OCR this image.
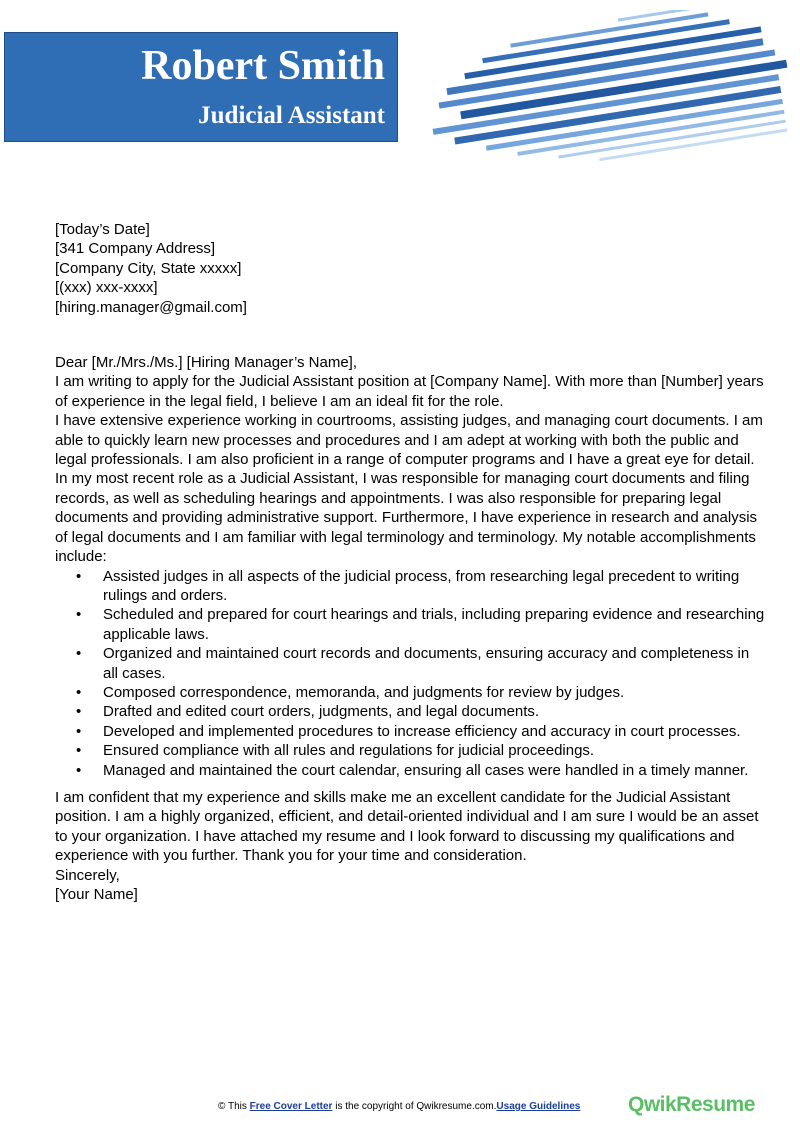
Robert Smith
Judicial Assistant

[Today’s Date]

[341 Company Address]

[Company City, State xxxxx]

[(xxx) xxx-xxxx]

[hiring.manager@gmail.com]

Dear [Mr./Mrs./Ms.] [Hiring Manager’s Name],

I am writing to apply for the Judicial Assistant position at [Company Name]. With more than [Number] years of experience in the legal field, I believe I am an ideal fit for the role.

I have extensive experience working in courtrooms, assisting judges, and managing court documents. I am able to quickly learn new processes and procedures and I am adept at working with both the public and legal professionals. I am also proficient in a range of computer programs and I have a great eye for detail.

In my most recent role as a Judicial Assistant, I was responsible for managing court documents and filing records, as well as scheduling hearings and appointments. I was also responsible for preparing legal documents and providing administrative support. Furthermore, I have experience in research and analysis of legal documents and I am familiar with legal terminology and terminology. My notable accomplishments include:

• Assisted judges in all aspects of the judicial process, from researching legal precedent to writing rulings and orders.
• Scheduled and prepared for court hearings and trials, including preparing evidence and researching applicable laws.
• Organized and maintained court records and documents, ensuring accuracy and completeness in all cases.
• Composed correspondence, memoranda, and judgments for review by judges.
• Drafted and edited court orders, judgments, and legal documents.
• Developed and implemented procedures to increase efficiency and accuracy in court processes.
• Ensured compliance with all rules and regulations for judicial proceedings.
• Managed and maintained the court calendar, ensuring all cases were handled in a timely manner.

I am confident that my experience and skills make me an excellent candidate for the Judicial Assistant position. I am a highly organized, efficient, and detail-oriented individual and I am sure I would be an asset to your organization. I have attached my resume and I look forward to discussing my qualifications and experience with you further. Thank you for your time and consideration.

Sincerely,

[Your Name]

© This Free Cover Letter is the copyright of Qwikresume.com.Usage Guidelines QwikResume
